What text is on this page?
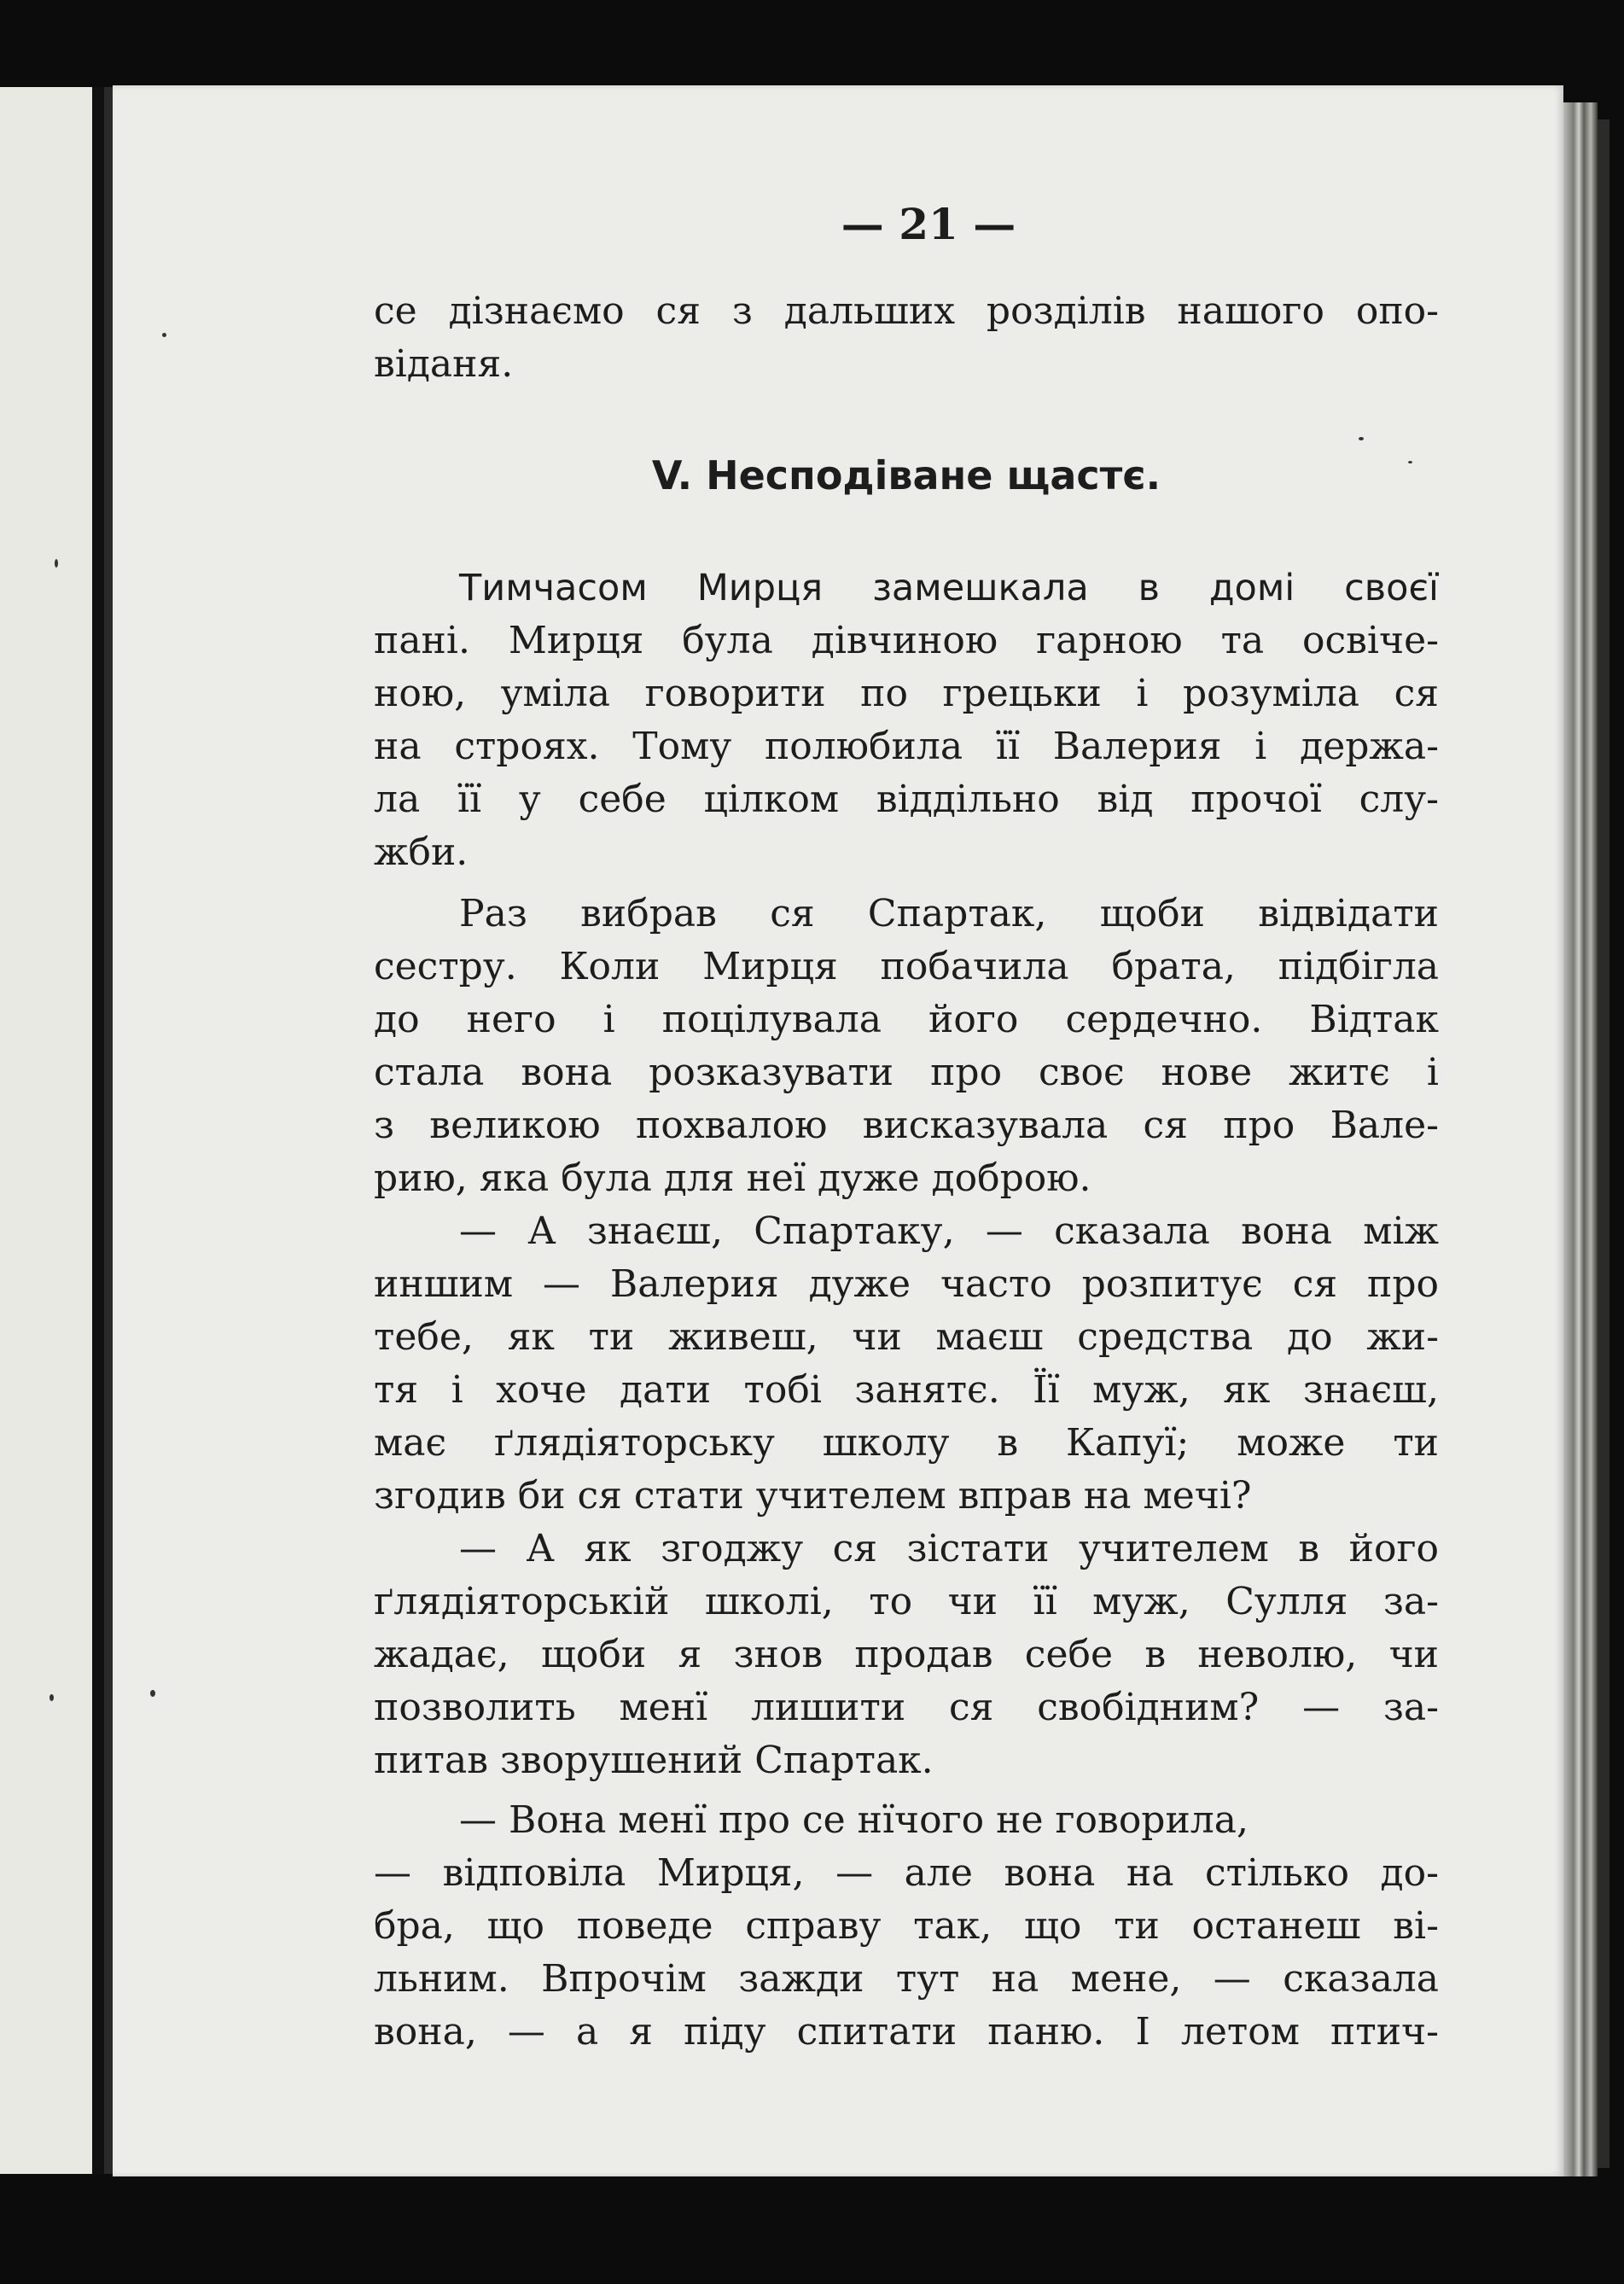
— 21 —
се дізнаємо ся з дальших розділів нашого опо-
віданя.
V. Несподіване щастє.
Тимчасом Мирця замешкала в домі своєї
пані. Мирця була дівчиною гарною та освіче-
ною, уміла говорити по грецьки і розуміла ся
на строях. Тому полюбила її Валерия і держа-
ла її у себе цілком віддільно від прочої слу-
жби.
Раз вибрав ся Спартак, щоби відвідати
сестру. Коли Мирця побачила брата, підбігла
до него і поцілувала його сердечно. Відтак
стала вона розказувати про своє нове житє і
з великою похвалою висказувала ся про Вале-
рию, яка була для неї дуже доброю.
— А знаєш, Спартаку, — сказала вона між
иншим — Валерия дуже часто розпитує ся про
тебе, як ти живеш, чи маєш средства до жи-
тя і хоче дати тобі занятє. Її муж, як знаєш,
має ґлядіяторську школу в Капуї; може ти
згодив би ся стати учителем вправ на мечі?
— А як згоджу ся зістати учителем в його
ґлядіяторській школі, то чи її муж, Сулля за-
жадає, щоби я знов продав себе в неволю, чи
позволить менї лишити ся свобідним? — за-
питав зворушений Спартак.
— Вона менї про се нїчого не говорила,
— відповіла Мирця, — але вона на стілько до-
бра, що поведе справу так, що ти останеш ві-
льним. Впрочім зажди тут на мене, — сказала
вона, — а я піду спитати паню. І летом птич-
